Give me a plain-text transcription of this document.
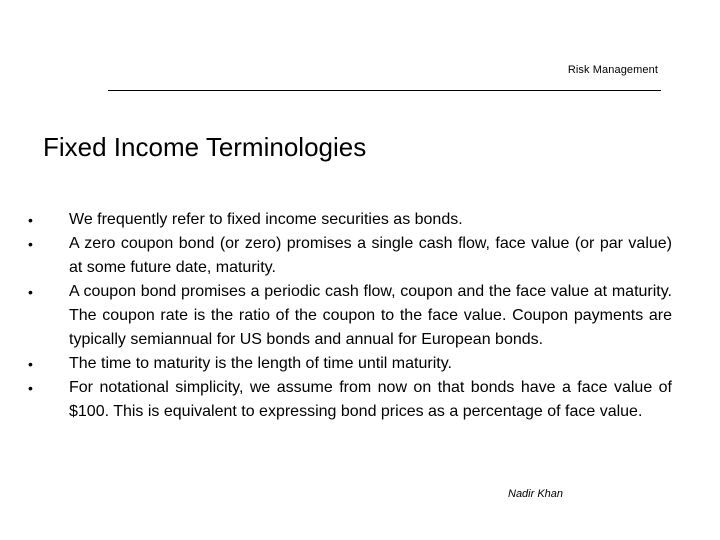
Risk Management
Fixed Income Terminologies
•	We frequently refer to fixed income securities as bonds.
•	A zero coupon bond (or zero) promises a single cash flow, face value (or par value) at some future date, maturity.
•	A coupon bond promises a periodic cash flow, coupon and the face value at maturity. The coupon rate is the ratio of the coupon to the face value. Coupon payments are typically semiannual for US bonds and annual for European bonds.
•	The time to maturity is the length of time until maturity.
•	For notational simplicity, we assume from now on that bonds have a face value of $100. This is equivalent to expressing bond prices as a percentage of face value.
Nadir Khan
